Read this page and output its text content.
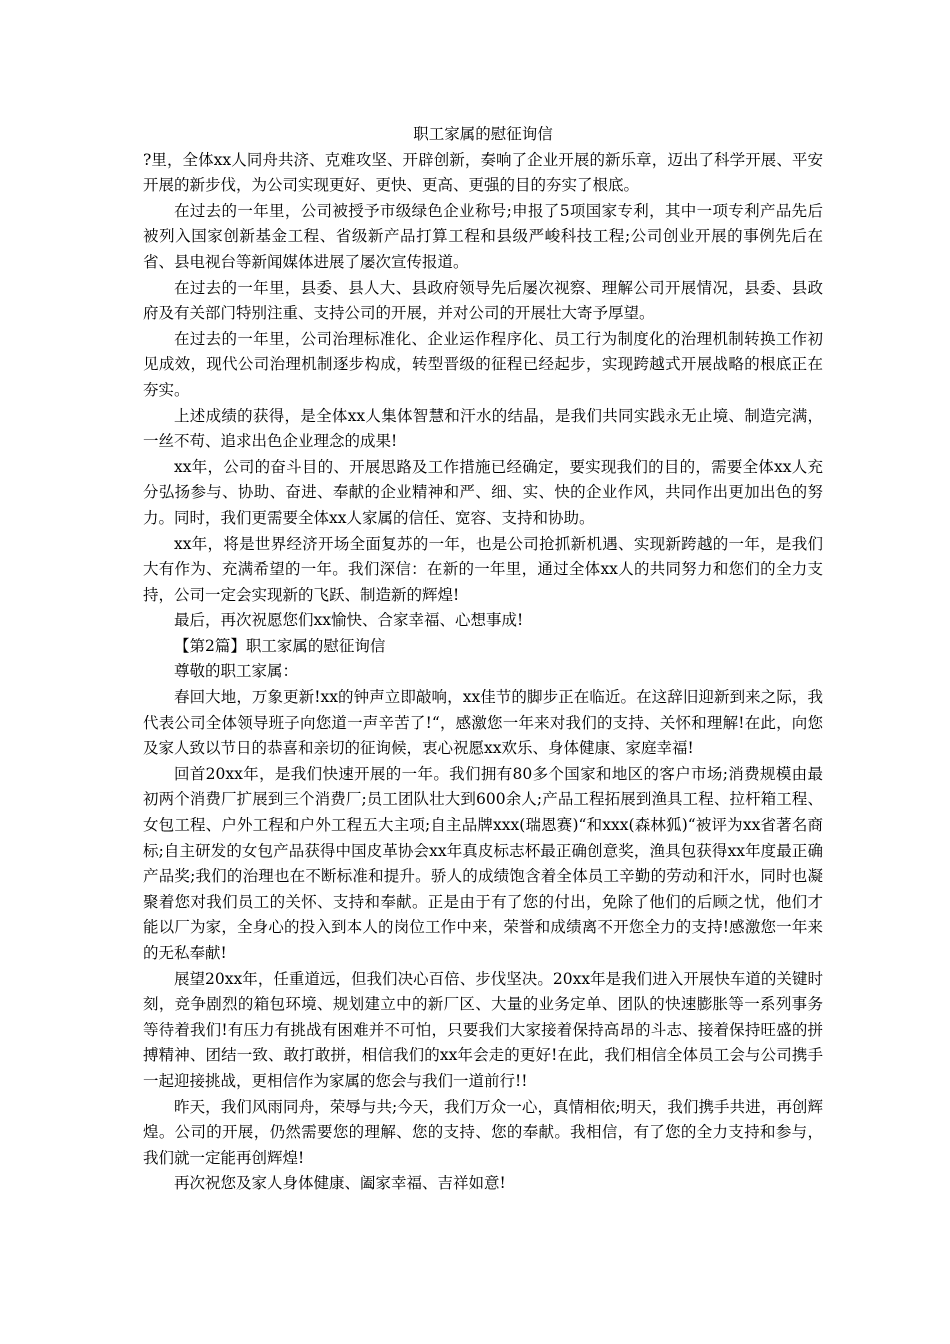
职工家属的慰征询信

?里，全体xx人同舟共济、克难攻坚、开辟创新，奏响了企业开展的新乐章，迈出了科学开展、平安开展的新步伐，为公司实现更好、更快、更高、更强的目的夯实了根底。

在过去的一年里，公司被授予市级绿色企业称号;申报了5项国家专利，其中一项专利产品先后被列入国家创新基金工程、省级新产品打算工程和县级严峻科技工程;公司创业开展的事例先后在省、县电视台等新闻媒体进展了屡次宣传报道。

在过去的一年里，县委、县人大、县政府领导先后屡次视察、理解公司开展情况，县委、县政府及有关部门特别注重、支持公司的开展，并对公司的开展壮大寄予厚望。

在过去的一年里，公司治理标准化、企业运作程序化、员工行为制度化的治理机制转换工作初见成效，现代公司治理机制逐步构成，转型晋级的征程已经起步，实现跨越式开展战略的根底正在夯实。

上述成绩的获得，是全体xx人集体智慧和汗水的结晶，是我们共同实践永无止境、制造完满，一丝不苟、追求出色企业理念的成果!

xx年，公司的奋斗目的、开展思路及工作措施已经确定，要实现我们的目的，需要全体xx人充分弘扬参与、协助、奋进、奉献的企业精神和严、细、实、快的企业作风，共同作出更加出色的努力。同时，我们更需要全体xx人家属的信任、宽容、支持和协助。

xx年，将是世界经济开场全面复苏的一年，也是公司抢抓新机遇、实现新跨越的一年，是我们大有作为、充满希望的一年。我们深信：在新的一年里，通过全体xx人的共同努力和您们的全力支持，公司一定会实现新的飞跃、制造新的辉煌!

最后，再次祝愿您们xx愉快、合家幸福、心想事成!

【第2篇】职工家属的慰征询信

尊敬的职工家属：

春回大地，万象更新!xx的钟声立即敲响，xx佳节的脚步正在临近。在这辞旧迎新到来之际，我代表公司全体领导班子向您道一声辛苦了!“，感激您一年来对我们的支持、关怀和理解!在此，向您及家人致以节日的恭喜和亲切的征询候，衷心祝愿xx欢乐、身体健康、家庭幸福!

回首20xx年，是我们快速开展的一年。我们拥有80多个国家和地区的客户市场;消费规模由最初两个消费厂扩展到三个消费厂;员工团队壮大到600余人;产品工程拓展到渔具工程、拉杆箱工程、女包工程、户外工程和户外工程五大主项;自主品牌xxx(瑞恩赛)“和xxx(森林狐)“被评为xx省著名商标;自主研发的女包产品获得中国皮革协会xx年真皮标志杯最正确创意奖，渔具包获得xx年度最正确产品奖;我们的治理也在不断标准和提升。骄人的成绩饱含着全体员工辛勤的劳动和汗水，同时也凝聚着您对我们员工的关怀、支持和奉献。正是由于有了您的付出，免除了他们的后顾之忧，他们才能以厂为家，全身心的投入到本人的岗位工作中来，荣誉和成绩离不开您全力的支持!感激您一年来的无私奉献!

展望20xx年，任重道远，但我们决心百倍、步伐坚决。20xx年是我们进入开展快车道的关键时刻，竞争剧烈的箱包环境、规划建立中的新厂区、大量的业务定单、团队的快速膨胀等一系列事务等待着我们!有压力有挑战有困难并不可怕，只要我们大家接着保持高昂的斗志、接着保持旺盛的拼搏精神、团结一致、敢打敢拼，相信我们的xx年会走的更好!在此，我们相信全体员工会与公司携手一起迎接挑战，更相信作为家属的您会与我们一道前行!!

昨天，我们风雨同舟，荣辱与共;今天，我们万众一心，真情相依;明天，我们携手共进，再创辉煌。公司的开展，仍然需要您的理解、您的支持、您的奉献。我相信，有了您的全力支持和参与，我们就一定能再创辉煌!

再次祝您及家人身体健康、阖家幸福、吉祥如意!
